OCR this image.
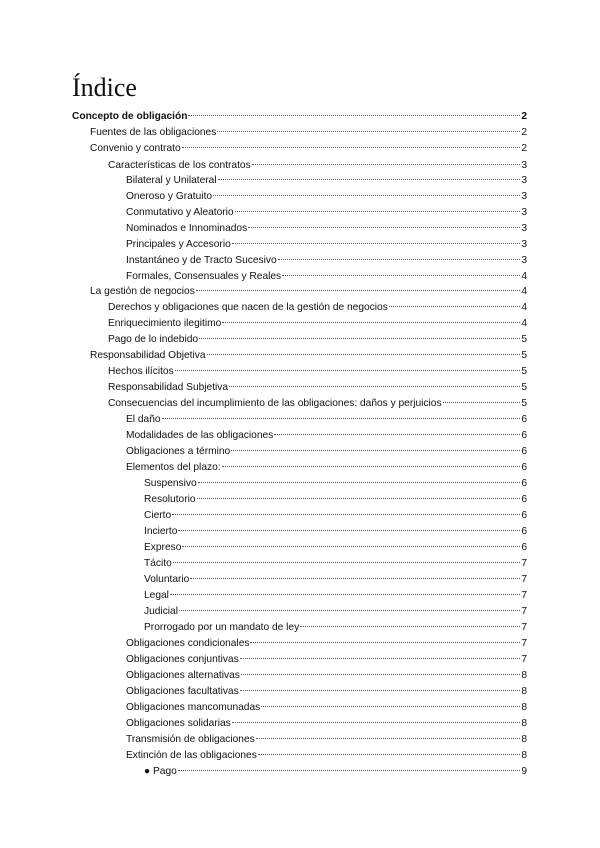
Índice
Concepto de obligación	2
Fuentes de las obligaciones	2
Convenio y contrato	2
Características de los contratos	3
Bilateral y Unilateral	3
Oneroso y Gratuito	3
Conmutativo y Aleatorio	3
Nominados e Innominados	3
Principales y Accesorio	3
Instantáneo y de Tracto Sucesivo	3
Formales, Consensuales y Reales	4
La gestión de negocios	4
Derechos y obligaciones que nacen de la gestión de negocios	4
Enriquecimiento ilegitimo	4
Pago de lo indebido	5
Responsabilidad Objetiva	5
Hechos ilícitos	5
Responsabilidad Subjetiva	5
Consecuencias del incumplimiento de las obligaciones: daños y perjuicios	5
El daño	6
Modalidades de las obligaciones	6
Obligaciones a término	6
Elementos del plazo:	6
Suspensivo	6
Resolutorio	6
Cierto	6
Incierto	6
Expreso	6
Tácito	7
Voluntario	7
Legal	7
Judicial	7
Prorrogado por un mandato de ley	7
Obligaciones condicionales	7
Obligaciones conjuntivas	7
Obligaciones alternativas	8
Obligaciones facultativas	8
Obligaciones mancomunadas	8
Obligaciones solidarias	8
Transmisión de obligaciones	8
Extinción de las obligaciones	8
● Pago	9
